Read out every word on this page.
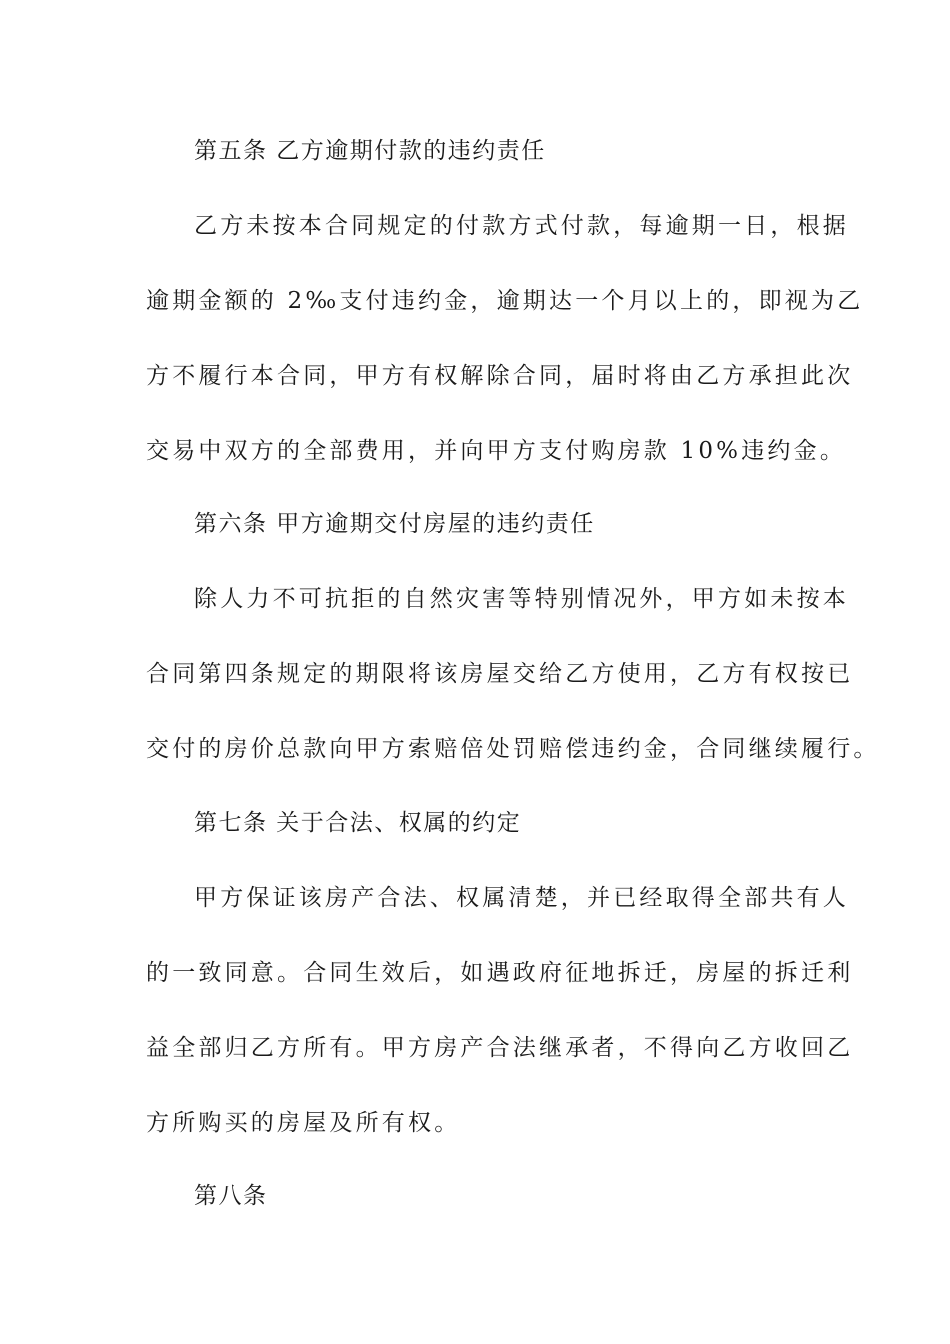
第五条 乙方逾期付款的违约责任
乙方未按本合同规定的付款方式付款，每逾期一日，根据
逾期金额的 2‰支付违约金，逾期达一个月以上的，即视为乙
方不履行本合同，甲方有权解除合同，届时将由乙方承担此次
交易中双方的全部费用，并向甲方支付购房款 10%违约金。
第六条 甲方逾期交付房屋的违约责任
除人力不可抗拒的自然灾害等特别情况外，甲方如未按本
合同第四条规定的期限将该房屋交给乙方使用，乙方有权按已
交付的房价总款向甲方索赔倍处罚赔偿违约金，合同继续履行。
第七条 关于合法、权属的约定
甲方保证该房产合法、权属清楚，并已经取得全部共有人
的一致同意。合同生效后，如遇政府征地拆迁，房屋的拆迁利
益全部归乙方所有。甲方房产合法继承者，不得向乙方收回乙
方所购买的房屋及所有权。
第八条
